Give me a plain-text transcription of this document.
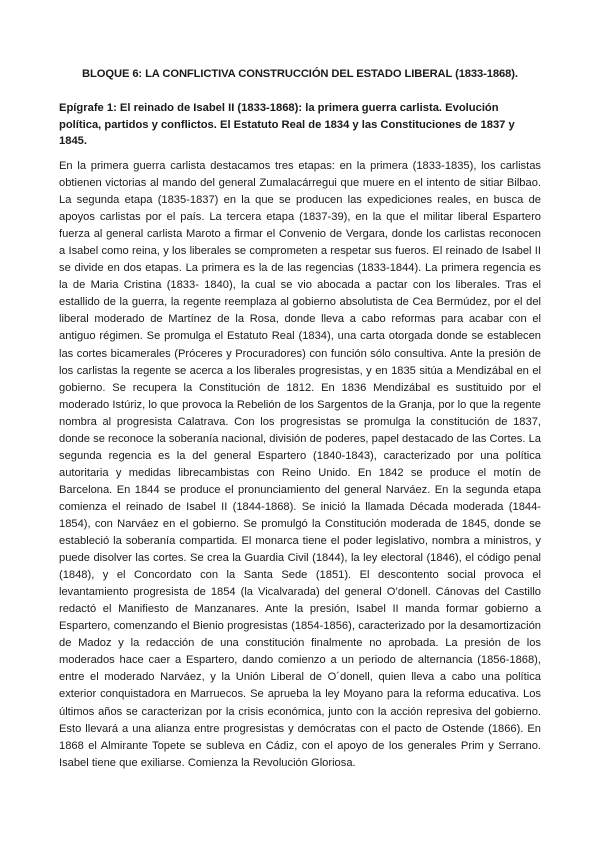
BLOQUE 6: LA CONFLICTIVA CONSTRUCCIÓN DEL ESTADO LIBERAL (1833-1868).
Epígrafe 1: El reinado de Isabel II (1833-1868): la primera guerra carlista. Evolución política, partidos y conflictos. El Estatuto Real de 1834 y las Constituciones de 1837 y 1845.

En la primera guerra carlista destacamos tres etapas: en la primera (1833-1835), los carlistas obtienen victorias al mando del general Zumalacárregui que muere en el intento de sitiar Bilbao. La segunda etapa (1835-1837) en la que se producen las expediciones reales, en busca de apoyos carlistas por el país. La tercera etapa (1837-39), en la que el militar liberal Espartero fuerza al general carlista Maroto a firmar el Convenio de Vergara, donde los carlistas reconocen a Isabel como reina, y los liberales se comprometen a respetar sus fueros. El reinado de Isabel II se divide en dos etapas. La primera es la de las regencias (1833-1844). La primera regencia es la de Maria Cristina (1833- 1840), la cual se vio abocada a pactar con los liberales. Tras el estallido de la guerra, la regente reemplaza al gobierno absolutista de Cea Bermúdez, por el del liberal moderado de Martínez de la Rosa, donde lleva a cabo reformas para acabar con el antiguo régimen. Se promulga el Estatuto Real (1834), una carta otorgada donde se establecen las cortes bicamerales (Próceres y Procuradores) con función sólo consultiva. Ante la presión de los carlistas la regente se acerca a los liberales progresistas, y en 1835 sitúa a Mendizábal en el gobierno. Se recupera la Constitución de 1812. En 1836 Mendizábal es sustituido por el moderado Istúriz, lo que provoca la Rebelión de los Sargentos de la Granja, por lo que la regente nombra al progresista Calatrava. Con los progresistas se promulga la constitución de 1837, donde se reconoce la soberanía nacional, división de poderes, papel destacado de las Cortes. La segunda regencia es la del general Espartero (1840-1843), caracterizado por una política autoritaria y medidas librecambistas con Reino Unido. En 1842 se produce el motín de Barcelona. En 1844 se produce el pronunciamiento del general Narváez. En la segunda etapa comienza el reinado de Isabel II (1844-1868). Se inició la llamada Década moderada (1844-1854), con Narváez en el gobierno. Se promulgó la Constitución moderada de 1845, donde se estableció la soberanía compartida. El monarca tiene el poder legislativo, nombra a ministros, y puede disolver las cortes. Se crea la Guardia Civil (1844), la ley electoral (1846), el código penal (1848), y el Concordato con la Santa Sede (1851). El descontento social provoca el levantamiento progresista de 1854 (la Vicalvarada) del general O’donell. Cánovas del Castillo redactó el Manifiesto de Manzanares. Ante la presión, Isabel II manda formar gobierno a Espartero, comenzando el Bienio progresistas (1854-1856), caracterizado por la desamortización de Madoz y la redacción de una constitución finalmente no aprobada. La presión de los moderados hace caer a Espartero, dando comienzo a un periodo de alternancia (1856-1868), entre el moderado Narváez, y la Unión Liberal de O´donell, quien lleva a cabo una política exterior conquistadora en Marruecos. Se aprueba la ley Moyano para la reforma educativa. Los últimos años se caracterizan por la crisis económica, junto con la acción represiva del gobierno. Esto llevará a una alianza entre progresistas y demócratas con el pacto de Ostende (1866). En 1868 el Almirante Topete se subleva en Cádiz, con el apoyo de los generales Prim y Serrano. Isabel tiene que exiliarse. Comienza la Revolución Gloriosa.
